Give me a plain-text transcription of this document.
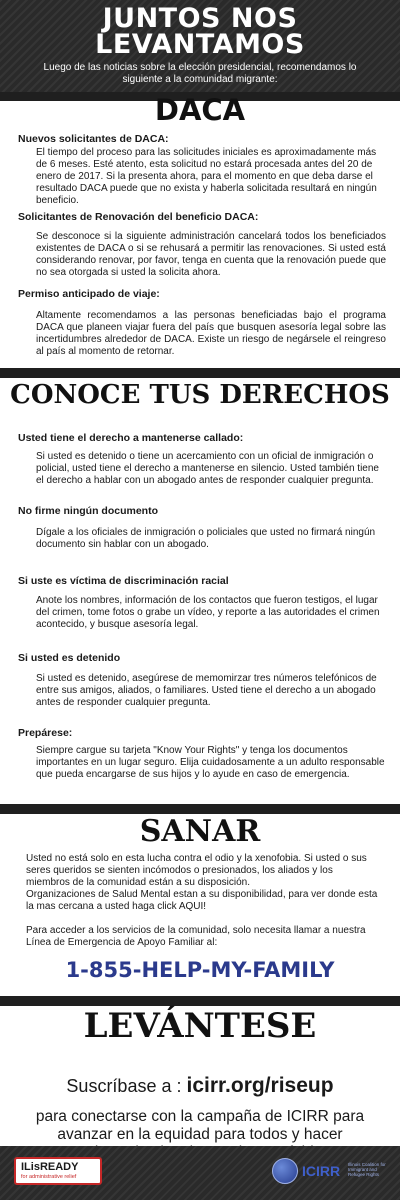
JUNTOS NOS
LEVANTAMOS
Luego de las noticias sobre la elección presidencial, recomendamos lo siguiente a la comunidad migrante:
DACA
Nuevos solicitantes de DACA:
El tiempo del proceso para las solicitudes iniciales es aproximadamente más de 6 meses. Esté atento, esta solicitud no estará procesada antes del 20 de enero de 2017. Si la presenta ahora, para el momento en que deba darse el resultado DACA puede que no exista y haberla solicitada resultará en ningún beneficio.
Solicitantes de Renovación del beneficio DACA:
Se desconoce si la siguiente administración cancelará todos los beneficiados existentes de DACA o si se rehusará a permitir las renovaciones. Si usted está considerando renovar, por favor, tenga en cuenta que la renovación puede que no sea otorgada si usted la solicita ahora.
Permiso anticipado de viaje:
Altamente recomendamos a las personas beneficiadas bajo el programa DACA que planeen viajar fuera del país que busquen asesoría legal sobre las incertidumbres alrededor de DACA. Existe un riesgo de negársele el reingreso al país al momento de retornar.
CONOCE TUS DERECHOS
Usted tiene el derecho a mantenerse callado:
Si usted es detenido o tiene un acercamiento con un oficial de inmigración o policial, usted tiene el derecho a mantenerse en silencio. Usted también tiene el derecho a hablar con un abogado antes de responder cualquier pregunta.
No firme ningún documento
Dígale a los oficiales de inmigración o policiales que usted no firmará ningún documento sin hablar con un abogado.
Si uste es víctima de discriminación racial
Anote los nombres, información de los contactos que fueron testigos, el lugar del crimen, tome fotos o grabe un vídeo, y reporte a las autoridades el crimen acontecido, y busque asesoría legal.
Si usted es detenido
Si usted es detenido, asegúrese de memomirzar tres números telefónicos de entre sus amigos, aliados, o familiares. Usted tiene el derecho a un abogado antes de responder cualquier pregunta.
Prepárese:
Siempre cargue su tarjeta "Know Your Rights" y tenga los documentos importantes en un lugar seguro. Elija cuidadosamente a un adulto responsable que pueda encargarse de sus hijos y lo ayude en caso de emergencia.
SANAR
Usted no está solo en esta lucha contra el odio y la xenofobia. Si usted o sus seres queridos se sienten incómodos o presionados, los aliados y los miembros de la comunidad están a su disposición.
Organizaciones de Salud Mental estan a su disponibilidad, para ver donde esta la mas cercana a usted haga click AQUI!
Para acceder a los servicios de la comunidad, solo necesita llamar a nuestra Línea de Emergencia de Apoyo Familiar al:
1-855-HELP-MY-FAMILY
LEVÁNTESE
Suscríbase a : icirr.org/riseup
para conectarse con la campaña de ICIRR para avanzar en la equidad para todos y hacer
ILisREADY
for administrative relief	ICIRR Illinois Coalition for Immigrant and Refugee Rights
